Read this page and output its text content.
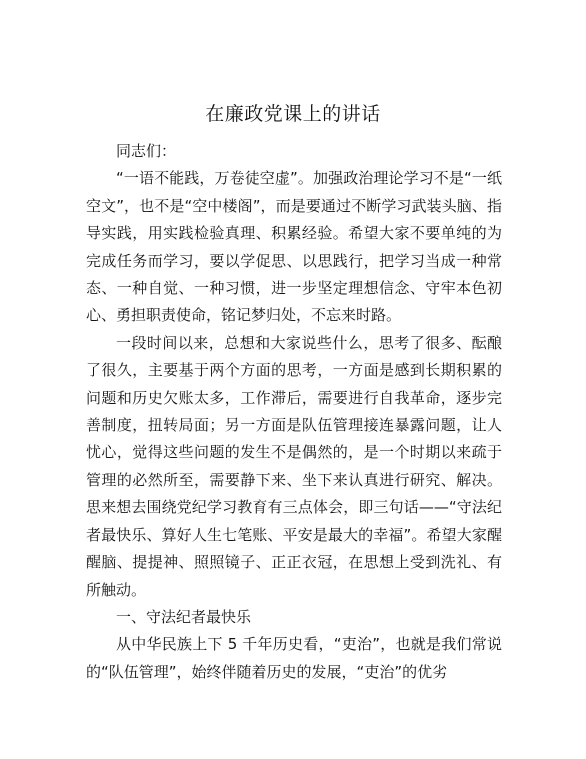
在廉政党课上的讲话

同志们：

“一语不能践，万卷徒空虚”。加强政治理论学习不是“一纸空文”，也不是“空中楼阁”，而是要通过不断学习武装头脑、指导实践，用实践检验真理、积累经验。希望大家不要单纯的为完成任务而学习，要以学促思、以思践行，把学习当成一种常态、一种自觉、一种习惯，进一步坚定理想信念、守牢本色初心、勇担职责使命，铭记梦归处，不忘来时路。

一段时间以来，总想和大家说些什么，思考了很多、酝酿了很久，主要基于两个方面的思考，一方面是感到长期积累的问题和历史欠账太多，工作滞后，需要进行自我革命，逐步完善制度，扭转局面；另一方面是队伍管理接连暴露问题，让人忧心，觉得这些问题的发生不是偶然的，是一个时期以来疏于管理的必然所至，需要静下来、坐下来认真进行研究、解决。思来想去围绕党纪学习教育有三点体会，即三句话——“守法纪者最快乐、算好人生七笔账、平安是最大的幸福”。希望大家醒醒脑、提提神、照照镜子、正正衣冠，在思想上受到洗礼、有所触动。

一、守法纪者最快乐

从中华民族上下 5 千年历史看，“吏治”，也就是我们常说的“队伍管理”，始终伴随着历史的发展，“吏治”的优劣
